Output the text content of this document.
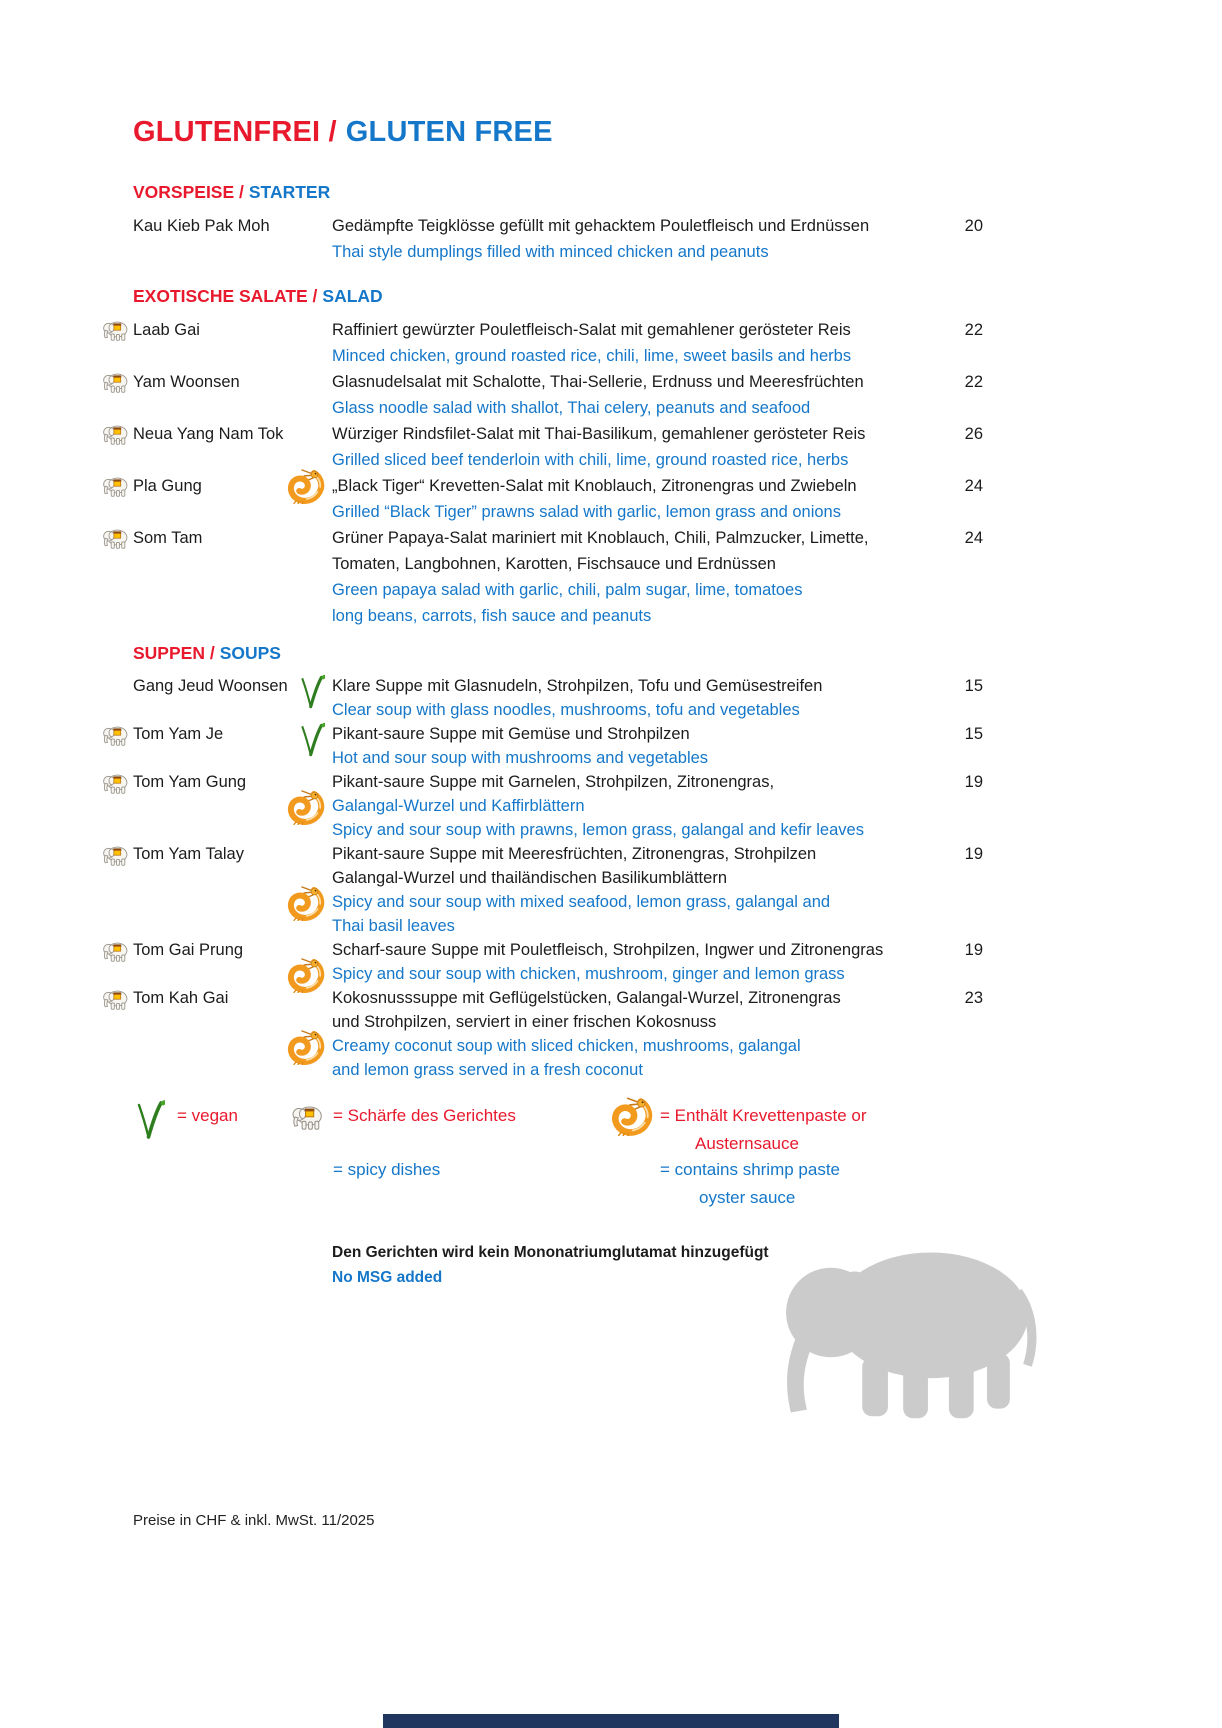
GLUTENFREI / GLUTEN FREE
VORSPEISE / STARTER
Kau Kieb Pak Moh	Gedämpfte Teigklösse gefüllt mit gehacktem Pouletfleisch und Erdnüssen
Thai style dumplings filled with minced chicken and peanuts
20
EXOTISCHE SALATE / SALAD
Laab Gai	Raffiniert gewürzter Pouletfleisch-Salat mit gemahlener gerösteter Reis
Minced chicken, ground roasted rice, chili, lime, sweet basils and herbs
22
Yam Woonsen	Glasnudelsalat mit Schalotte, Thai-Sellerie, Erdnuss und Meeresfrüchten
Glass noodle salad with shallot, Thai celery, peanuts and seafood
22
Neua Yang Nam Tok	Würziger Rindsfilet-Salat mit Thai-Basilikum, gemahlener gerösteter Reis
Grilled sliced beef tenderloin with chili, lime, ground roasted rice, herbs
26
Pla Gung	„Black Tiger“ Krevetten-Salat mit Knoblauch, Zitronengras und Zwiebeln
Grilled “Black Tiger” prawns salad with garlic, lemon grass and onions
24
Som Tam	Grüner Papaya-Salat mariniert mit Knoblauch, Chili, Palmzucker, Limette,
Tomaten, Langbohnen, Karotten, Fischsauce und Erdnüssen
Green papaya salad with garlic, chili, palm sugar, lime, tomatoes
long beans, carrots, fish sauce and peanuts
24
SUPPEN / SOUPS
Gang Jeud Woonsen	Klare Suppe mit Glasnudeln, Strohpilzen, Tofu und Gemüsestreifen
Clear soup with glass noodles, mushrooms, tofu and vegetables
15
Tom Yam Je	Pikant-saure Suppe mit Gemüse und Strohpilzen
Hot and sour soup with mushrooms and vegetables
15
Tom Yam Gung	Pikant-saure Suppe mit Garnelen, Strohpilzen, Zitronengras,
Galangal-Wurzel und Kaffirblättern
Spicy and sour soup with prawns, lemon grass, galangal and kefir leaves
19
Tom Yam Talay	Pikant-saure Suppe mit Meeresfrüchten, Zitronengras, Strohpilzen
Galangal-Wurzel und thailändischen Basilikumblättern
Spicy and sour soup with mixed seafood, lemon grass, galangal and
Thai basil leaves
19
Tom Gai Prung	Scharf-saure Suppe mit Pouletfleisch, Strohpilzen, Ingwer und Zitronengras
Spicy and sour soup with chicken, mushroom, ginger and lemon grass
19
Tom Kah Gai	Kokosnusssuppe mit Geflügelstücken, Galangal-Wurzel, Zitronengras
und Strohpilzen, serviert in einer frischen Kokosnuss
Creamy coconut soup with sliced chicken, mushrooms, galangal
and lemon grass served in a fresh coconut
23
= vegan	= Schärfe des Gerichtes
= spicy dishes
= Enthält Krevettenpaste or
Austernsauce
= contains shrimp paste
oyster sauce
Den Gerichten wird kein Mononatriumglutamat hinzugefügt
No MSG added
Preise in CHF & inkl. MwSt. 11/2025
